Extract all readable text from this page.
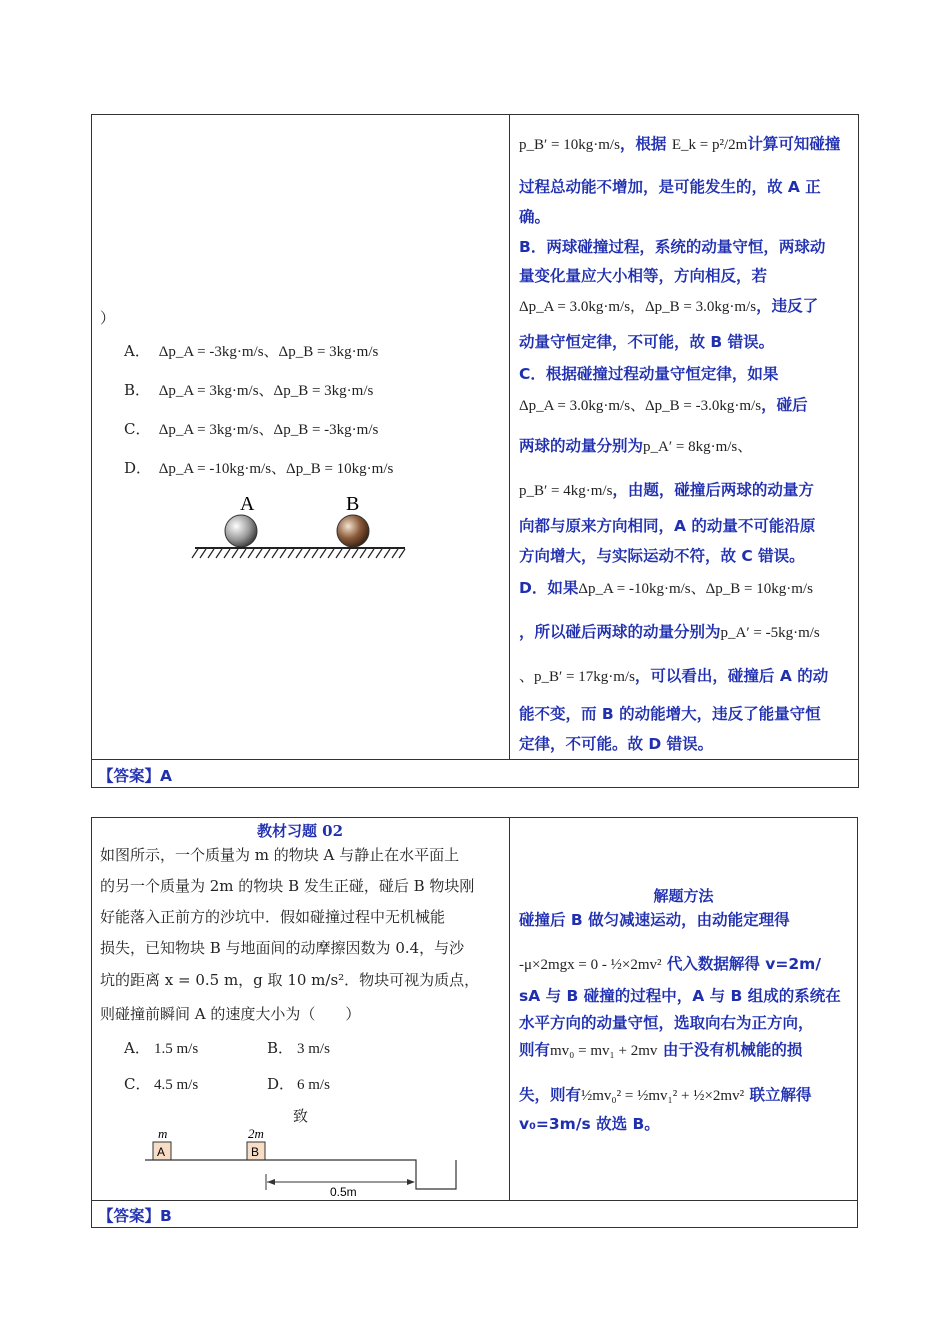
）
A． Δp_A = -3kg·m/s、Δp_B = 3kg·m/s
B． Δp_A = 3kg·m/s、Δp_B = 3kg·m/s
C． Δp_A = 3kg·m/s、Δp_B = -3kg·m/s
D． Δp_A = -10kg·m/s、Δp_B = 10kg·m/s
A	B
p_B′ = 10kg·m/s，根据 E_k = p²/2m计算可知碰撞
过程总动能不增加，是可能发生的，故 A 正
确。
B．两球碰撞过程，系统的动量守恒，两球动
量变化量应大小相等，方向相反，若
Δp_A = 3.0kg·m/s，Δp_B = 3.0kg·m/s，违反了
动量守恒定律，不可能，故 B 错误。
C．根据碰撞过程动量守恒定律，如果
Δp_A = 3.0kg·m/s、Δp_B = -3.0kg·m/s，碰后
两球的动量分别为p_A′ = 8kg·m/s、
p_B′ = 4kg·m/s，由题，碰撞后两球的动量方
向都与原来方向相同，A 的动量不可能沿原
方向增大，与实际运动不符，故 C 错误。
D．如果Δp_A = -10kg·m/s、Δp_B = 10kg·m/s
，所以碰后两球的动量分别为p_A′ = -5kg·m/s
、p_B′ = 17kg·m/s，可以看出，碰撞后 A 的动
能不变，而 B 的动能增大，违反了能量守恒
定律，不可能。故 D 错误。
【答案】A
教材习题 02
如图所示，一个质量为 m 的物块 A 与静止在水平面上
的另一个质量为 2m 的物块 B 发生正碰，碰后 B 物块刚
好能落入正前方的沙坑中．假如碰撞过程中无机械能
损失，已知物块 B 与地面间的动摩擦因数为 0.4，与沙
坑的距离 x = 0.5 m，g 取 10 m/s²．物块可视为质点，
则碰撞前瞬间 A 的速度大小为（　　）
A． 1.5 m/s	B． 3 m/s
C． 4.5 m/s	D． 6 m/s
致
m	2m
A	B
0.5m
解题方法
碰撞后 B 做匀减速运动，由动能定理得
-μ×2mgx = 0 - ½×2mv² 代入数据解得 v=2m/
sA 与 B 碰撞的过程中，A 与 B 组成的系统在
水平方向的动量守恒，选取向右为正方向，
则有mv₀ = mv₁ + 2mv 由于没有机械能的损
失，则有½mv₀² = ½mv₁² + ½×2mv² 联立解得
v₀=3m/s 故选 B。
【答案】B
